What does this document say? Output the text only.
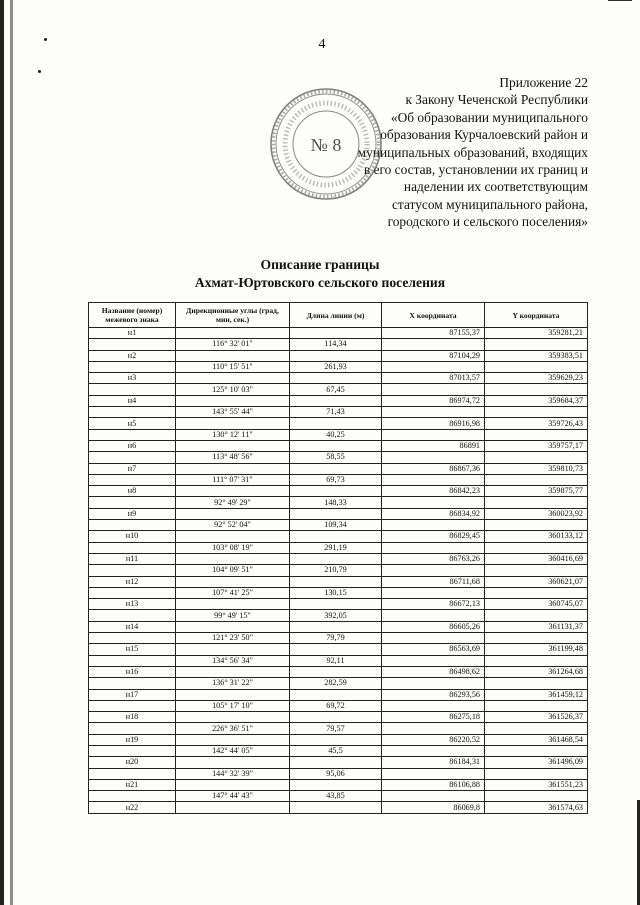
4
Приложение 22
к Закону Чеченской Республики
«Об образовании муниципального
образования Курчалоевский район и
муниципальных образований, входящих
в его состав, установлении их границ и
наделении их соответствующим
статусом муниципального района,
городского и сельского поселения»
№ 8
Описание границы
Ахмат-Юртовского сельского поселения
Название (номер) межевого знака	Дирекционные углы (град, мин, сек.)	Длина линии (м)	X координата	Y координата
н1			87155,37	359281,21
	116° 32' 01"	114,34		
н2			87104,29	359383,51
	110° 15' 51"	261,93		
н3			87013,57	359629,23
	125° 10' 03"	67,45		
н4			86974,72	359684,37
	143° 55' 44"	71,43		
н5			86916,98	359726,43
	130° 12' 11"	40,25		
н6			86891	359757,17
	113° 48' 56"	58,55		
н7			86867,36	359810,73
	111° 07' 31"	69,73		
н8			86842,23	359875,77
	92° 49' 29"	148,33		
н9			86834,92	360023,92
	92° 52' 04"	109,34		
н10			86829,45	360133,12
	103° 08' 19"	291,19		
н11			86763,26	360416,69
	104° 09' 51"	210,79		
н12			86711,68	360621,07
	107° 41' 25"	130,15		
н13			86672,13	360745,07
	99° 49' 15"	392,05		
н14			86605,26	361131,37
	121° 23' 50"	79,79		
н15			86563,69	361199,48
	134° 56' 34"	92,11		
н16			86498,62	361264,68
	136° 31' 22"	282,59		
н17			86293,56	361459,12
	105° 17' 10"	69,72		
н18			86275,18	361526,37
	226° 36' 51"	79,57		
н19			86220,52	361468,54
	142° 44' 05"	45,5		
н20			86184,31	361496,09
	144° 32' 39"	95,06		
н21			86106,88	361551,23
	147° 44' 43"	43,85		
н22			86069,8	361574,63
